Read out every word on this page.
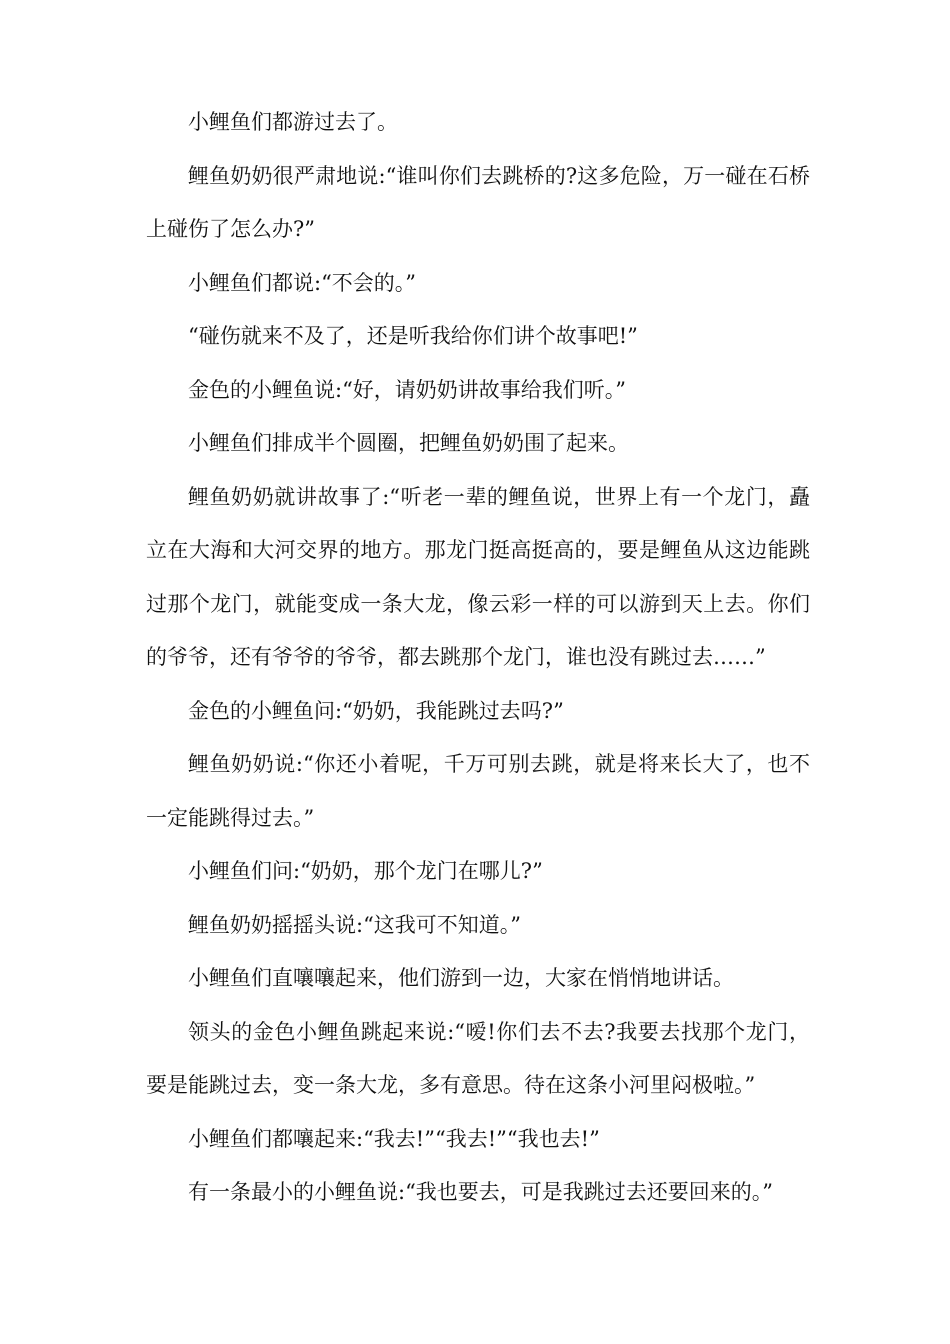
小鲤鱼们都游过去了。

鲤鱼奶奶很严肃地说:“谁叫你们去跳桥的?这多危险，万一碰在石桥上碰伤了怎么办?”

小鲤鱼们都说:“不会的。”

“碰伤就来不及了，还是听我给你们讲个故事吧!”

金色的小鲤鱼说:“好，请奶奶讲故事给我们听。”

小鲤鱼们排成半个圆圈，把鲤鱼奶奶围了起来。

鲤鱼奶奶就讲故事了:“听老一辈的鲤鱼说，世界上有一个龙门，矗立在大海和大河交界的地方。那龙门挺高挺高的，要是鲤鱼从这边能跳过那个龙门，就能变成一条大龙，像云彩一样的可以游到天上去。你们的爷爷，还有爷爷的爷爷，都去跳那个龙门，谁也没有跳过去……”

金色的小鲤鱼问:“奶奶，我能跳过去吗?”

鲤鱼奶奶说:“你还小着呢，千万可别去跳，就是将来长大了，也不一定能跳得过去。”

小鲤鱼们问:“奶奶，那个龙门在哪儿?”

鲤鱼奶奶摇摇头说:“这我可不知道。”

小鲤鱼们直嚷嚷起来，他们游到一边，大家在悄悄地讲话。

领头的金色小鲤鱼跳起来说:“嗳!你们去不去?我要去找那个龙门，要是能跳过去，变一条大龙，多有意思。待在这条小河里闷极啦。”

小鲤鱼们都嚷起来:“我去!”“我去!”“我也去!”

有一条最小的小鲤鱼说:“我也要去，可是我跳过去还要回来的。”
